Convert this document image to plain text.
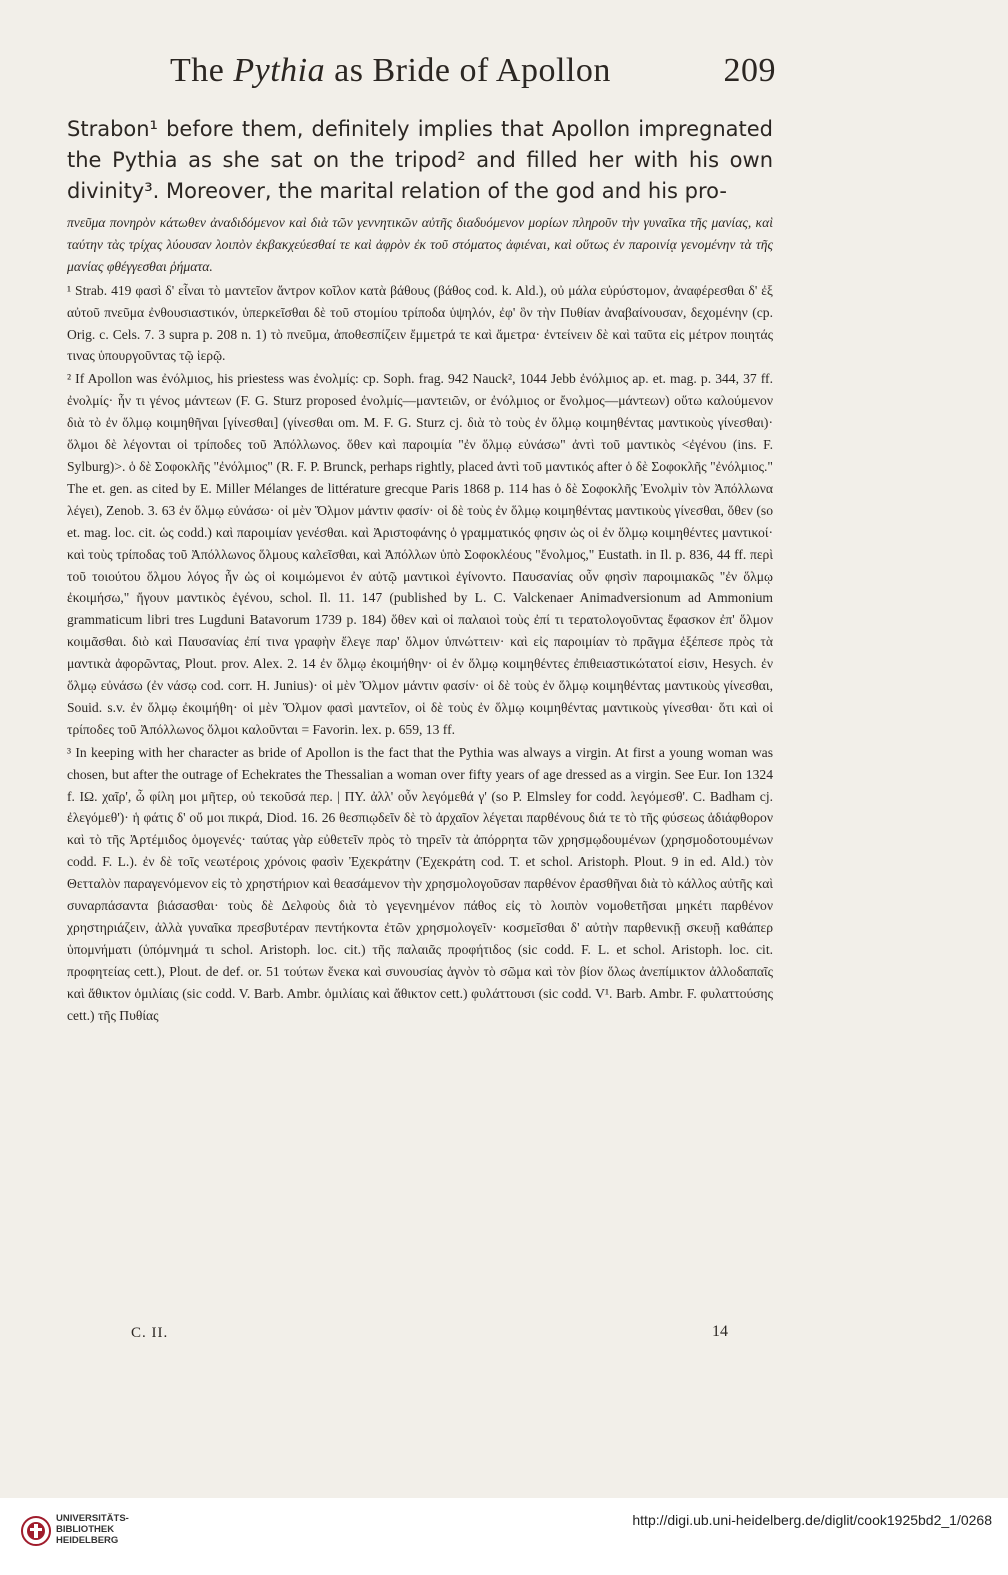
The Pythia as Bride of Apollon	209
Strabon¹ before them, definitely implies that Apollon impregnated
the Pythia as she sat on the tripod² and filled her with his own
divinity³. Moreover, the marital relation of the god and his pro-

πνεῦμα πονηρὸν κάτωθεν ἀναδιδόμενον καὶ διὰ τῶν γεννητικῶν αὐτῆς διαδυόμενον μορίων πληροῦν τὴν γυναῖκα τῆς μανίας, καὶ ταύτην τὰς τρίχας λύουσαν λοιπὸν ἐκβακχεύεσθαί τε καὶ ἀφρὸν ἐκ τοῦ στόματος ἀφιέναι, καὶ οὕτως ἐν παροινίᾳ γενομένην τὰ τῆς μανίας φθέγγεσθαι ῥήματα.

¹ Strab. 419 φασὶ δ' εἶναι τὸ μαντεῖον ἄντρον κοῖλον κατὰ βάθους (βάθος cod. k. Ald.), οὐ μάλα εὐρύστομον, ἀναφέρεσθαι δ' ἐξ αὐτοῦ πνεῦμα ἐνθουσιαστικόν, ὑπερκεῖσθαι δὲ τοῦ στομίου τρίποδα ὑψηλόν, ἐφ' ὃν τὴν Πυθίαν ἀναβαίνουσαν, δεχομένην (cp. Orig. c. Cels. 7. 3 supra p. 208 n. 1) τὸ πνεῦμα, ἀποθεσπίζειν ἔμμετρά τε καὶ ἄμετρα· ἐντείνειν δὲ καὶ ταῦτα εἰς μέτρον ποιητάς τινας ὑπουργοῦντας τῷ ἱερῷ.

² If Apollon was ἐνόλμιος, his priestess was ἐνολμίς: cp. Soph. frag. 942 Nauck², 1044 Jebb ἐνόλμιος ap. et. mag. p. 344, 37 ff. ἐνολμίς· ἦν τι γένος μάντεων (F. G. Sturz proposed ἐνολμίς—μαντειῶν, or ἐνόλμιος or ἔνολμος—μάντεων) οὕτω καλούμενον διὰ τὸ ἐν ὅλμῳ κοιμηθῆναι [γίνεσθαι] (γίνεσθαι om. M. F. G. Sturz cj. διὰ τὸ τοὺς ἐν ὅλμῳ κοιμηθέντας μαντικοὺς γίνεσθαι)· ὅλμοι δὲ λέγονται οἱ τρίποδες τοῦ Ἀπόλλωνος. ὅθεν καὶ παροιμία "ἐν ὅλμῳ εὐνάσω" ἀντὶ τοῦ μαντικὸς <ἐγένου (ins. F. Sylburg)>. ὁ δὲ Σοφοκλῆς "ἐνόλμιος" (R. F. P. Brunck, perhaps rightly, placed ἀντὶ τοῦ μαντικός after ὁ δὲ Σοφοκλῆς "ἐνόλμιος." The et. gen. as cited by E. Miller Mélanges de littérature grecque Paris 1868 p. 114 has ὁ δὲ Σοφοκλῆς Ἐνολμὶν τὸν Ἀπόλλωνα λέγει), Zenob. 3. 63 ἐν ὅλμῳ εὐνάσω· οἱ μὲν Ὅλμον μάντιν φασίν· οἱ δὲ τοὺς ἐν ὅλμῳ κοιμηθέντας μαντικοὺς γίνεσθαι, ὅθεν (so et. mag. loc. cit. ὡς codd.) καὶ παροιμίαν γενέσθαι. καὶ Ἀριστοφάνης ὁ γραμματικός φησιν ὡς οἱ ἐν ὅλμῳ κοιμηθέντες μαντικοί· καὶ τοὺς τρίποδας τοῦ Ἀπόλλωνος ὅλμους καλεῖσθαι, καὶ Ἀπόλλων ὑπὸ Σοφοκλέους "ἔνολμος," Eustath. in Il. p. 836, 44 ff. περὶ τοῦ τοιούτου ὅλμου λόγος ἦν ὡς οἱ κοιμώμενοι ἐν αὐτῷ μαντικοὶ ἐγίνοντο. Παυσανίας οὖν φησὶν παροιμιακῶς "ἐν ὅλμῳ ἐκοιμήσω," ἤγουν μαντικὸς ἐγένου, schol. Il. 11. 147 (published by L. C. Valckenaer Animadversionum ad Ammonium grammaticum libri tres Lugduni Batavorum 1739 p. 184) ὅθεν καὶ οἱ παλαιοὶ τοὺς ἐπί τι τερατολογοῦντας ἔφασκον ἐπ' ὅλμον κοιμᾶσθαι. διὸ καὶ Παυσανίας ἐπί τινα γραφὴν ἔλεγε παρ' ὅλμον ὑπνώττειν· καὶ εἰς παροιμίαν τὸ πρᾶγμα ἐξέπεσε πρὸς τὰ μαντικὰ ἀφορῶντας, Plout. prov. Alex. 2. 14 ἐν ὅλμῳ ἐκοιμήθην· οἱ ἐν ὅλμῳ κοιμηθέντες ἐπιθειαστικώτατοί εἰσιν, Hesych. ἐν ὅλμῳ εὐνάσω (ἐν νάσῳ cod. corr. H. Junius)· οἱ μὲν Ὅλμον μάντιν φασίν· οἱ δὲ τοὺς ἐν ὅλμῳ κοιμηθέντας μαντικοὺς γίνεσθαι, Souid. s.v. ἐν ὅλμῳ ἐκοιμήθη· οἱ μὲν Ὅλμον φασὶ μαντεῖον, οἱ δὲ τοὺς ἐν ὅλμῳ κοιμηθέντας μαντικοὺς γίνεσθαι· ὅτι καὶ οἱ τρίποδες τοῦ Ἀπόλλωνος ὅλμοι καλοῦνται = Favorin. lex. p. 659, 13 ff.

³ In keeping with her character as bride of Apollon is the fact that the Pythia was always a virgin. At first a young woman was chosen, but after the outrage of Echekrates the Thessalian a woman over fifty years of age dressed as a virgin. See Eur. Ion 1324 f. ΙΩ. χαῖρ', ὦ φίλη μοι μῆτερ, οὐ τεκοῦσά περ. | ΠΥ. ἀλλ' οὖν λεγόμεθά γ' (so P. Elmsley for codd. λεγόμεσθ'. C. Badham cj. ἐλεγόμεθ')· ἡ φάτις δ' οὔ μοι πικρά, Diod. 16. 26 θεσπιῳδεῖν δὲ τὸ ἀρχαῖον λέγεται παρθένους διά τε τὸ τῆς φύσεως ἀδιάφθορον καὶ τὸ τῆς Ἀρτέμιδος ὁμογενές· ταύτας γὰρ εὐθετεῖν πρὸς τὸ τηρεῖν τὰ ἀπόρρητα τῶν χρησμῳδουμένων (χρησμοδοτουμένων codd. F. L.). ἐν δὲ τοῖς νεωτέροις χρόνοις φασὶν Ἐχεκράτην (Ἐχεκράτη cod. T. et schol. Aristoph. Plout. 9 in ed. Ald.) τὸν Θετταλὸν παραγενόμενον εἰς τὸ χρηστήριον καὶ θεασάμενον τὴν χρησμολογοῦσαν παρθένον ἐρασθῆναι διὰ τὸ κάλλος αὐτῆς καὶ συναρπάσαντα βιάσασθαι· τοὺς δὲ Δελφοὺς διὰ τὸ γεγενημένον πάθος εἰς τὸ λοιπὸν νομοθετῆσαι μηκέτι παρθένον χρηστηριάζειν, ἀλλὰ γυναῖκα πρεσβυτέραν πεντήκοντα ἐτῶν χρησμολογεῖν· κοσμεῖσθαι δ' αὐτὴν παρθενικῇ σκευῇ καθάπερ ὑπομνήματι (ὑπόμνημά τι schol. Aristoph. loc. cit.) τῆς παλαιᾶς προφήτιδος (sic codd. F. L. et schol. Aristoph. loc. cit. προφητείας cett.), Plout. de def. or. 51 τούτων ἕνεκα καὶ συνουσίας ἁγνὸν τὸ σῶμα καὶ τὸν βίον ὅλως ἀνεπίμικτον ἀλλοδαπαῖς καὶ ἄθικτον ὁμιλίαις (sic codd. V. Barb. Ambr. ὁμιλίαις καὶ ἄθικτον cett.) φυλάττουσι (sic codd. V¹. Barb. Ambr. F. φυλαττούσης cett.) τῆς Πυθίας

C. II.	14
UNIVERSITÄTS-
BIBLIOTHEK
HEIDELBERG
http://digi.ub.uni-heidelberg.de/diglit/cook1925bd2_1/0268
